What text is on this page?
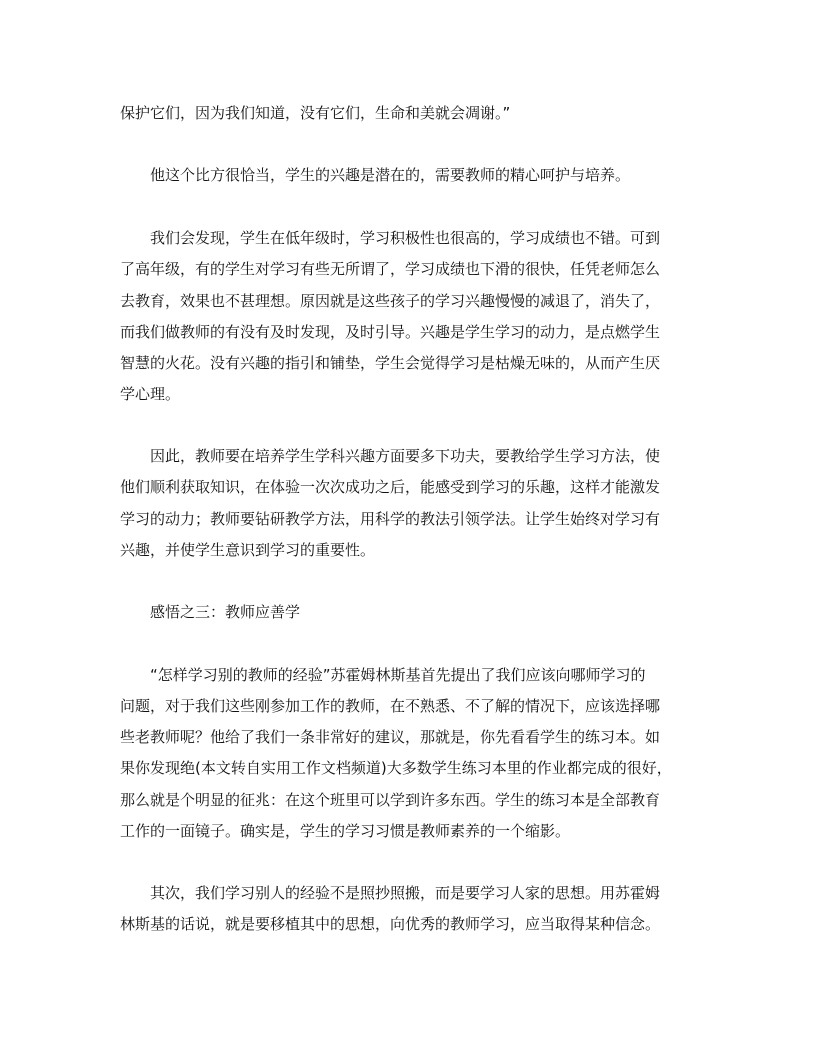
保护它们，因为我们知道，没有它们，生命和美就会凋谢。”
　　他这个比方很恰当，学生的兴趣是潜在的，需要教师的精心呵护与培养。
　　我们会发现，学生在低年级时，学习积极性也很高的，学习成绩也不错。可到
了高年级，有的学生对学习有些无所谓了，学习成绩也下滑的很快，任凭老师怎么
去教育，效果也不甚理想。原因就是这些孩子的学习兴趣慢慢的减退了，消失了，
而我们做教师的有没有及时发现，及时引导。兴趣是学生学习的动力，是点燃学生
智慧的火花。没有兴趣的指引和铺垫，学生会觉得学习是枯燥无味的，从而产生厌
学心理。
　　因此，教师要在培养学生学科兴趣方面要多下功夫，要教给学生学习方法，使
他们顺利获取知识，在体验一次次成功之后，能感受到学习的乐趣，这样才能激发
学习的动力；教师要钻研教学方法，用科学的教法引领学法。让学生始终对学习有
兴趣，并使学生意识到学习的重要性。
　　感悟之三：教师应善学
　　“怎样学习别的教师的经验”苏霍姆林斯基首先提出了我们应该向哪师学习的
问题，对于我们这些刚参加工作的教师，在不熟悉、不了解的情况下，应该选择哪
些老教师呢？他给了我们一条非常好的建议，那就是，你先看看学生的练习本。如
果你发现绝(本文转自实用工作文档频道)大多数学生练习本里的作业都完成的很好，
那么就是个明显的征兆：在这个班里可以学到许多东西。学生的练习本是全部教育
工作的一面镜子。确实是，学生的学习习惯是教师素养的一个缩影。
　　其次，我们学习别人的经验不是照抄照搬，而是要学习人家的思想。用苏霍姆
林斯基的话说，就是要移植其中的思想，向优秀的教师学习，应当取得某种信念。
